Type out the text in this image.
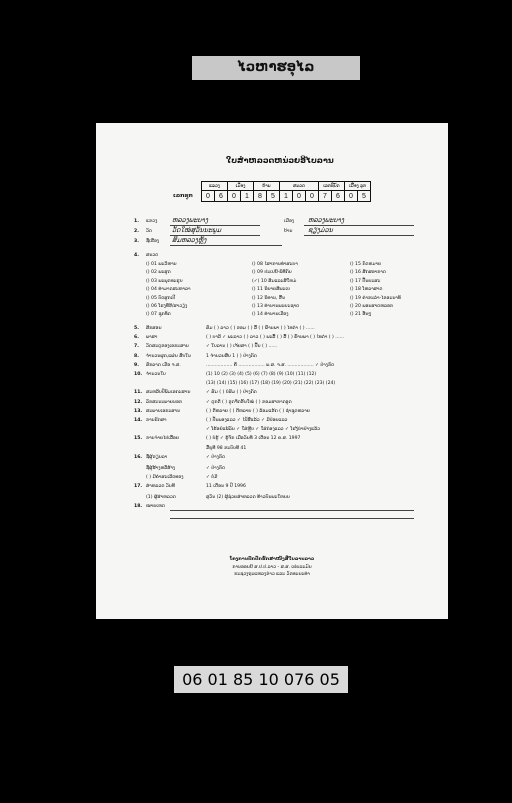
ໄວຫາຮອ‌ຸໄລ
ໃບສຳຫລວດຫນ່ວຍອີໄບລານ
ເລກຊຸກ
ແຂວງ		ເມືອງ		ບ້ານ		ສນວດ			ເລກທີບັດ		ເມື້ອງ ລຸກ	
0	6	0	1	8	5	1	0	0	7	6	0	5
1. ແຂວງ ຫລວງພະບາງ	ເມືອງ ຫລວງພະບາງ
2. ວັດ	ວັດໃໝ່ສຸວັນນະພູມ	ບ້ານ ຊຽງມ່ວນ
3. ຊື່ເຮືອງ ສິມຫລວງຫຼັງ
4. ສນວດ
() 01 ພະວິຫານ
() 02 ພະສູດ
() 03 ພະພຸດທະຮູບ
() 04 ທຳມາດສະຫາລາ
() 05 ບັດສູກເປີ
() 06 ໂຮງທີ່ຂີ/ສາວຽງ
() 07 ຊຸກທິດ
() 08 ໄສາການທຳສະບາ
() 09 ປະເປນີ-ພິທີກັນ
(✓) 10 ສິມແລະສີໃຫມ່
() 11 ນິຍາຍສີພະເບ
() 12 ນິທານ, ຂື້ນ
() 13 ທຳນານພະຍະຊາດ
() 14 ທຳນານເມືອງ
() 15 ກົດຫມາຍ
() 16 ສີກສອາກາດ
() 17 ປື້ນຍະສະ
() 18 ໂຫລາສາດ
() 19 ຄຳຂະລຳ-ໄຂອະນາທິ
() 20 ພອນສາດຫລອກ
() 21 ອື່ນໆ
5. ສິກສອນ	ສັມ ( ) ລາວ ( ) ຂອມ ( ) ລື້ ( ) ພົ້ານພາ ( ) ໄທດຳ ( ) ......
6. ພາສາ	( ) ບາລີ ✓ ພະລາວ ( ) ລາວ ( ) ພະລື້ ( ) ລື້ ( ) ພົ້ານພາ ( ) ໄທດຳ ( ) ......
7. ວັດສະດຸຂອງເອກະສານ	✓ ໃບລານ ( ) ເຈ້ຍສາ ( ) ປື້ນ ( ) ......
8. ຈຳນວນຜູກ,ແຜ່ນ ສືບໃນ	1 ຈຳນວນສືບ 1 ( ) ປ່າງກັດ
9. ສັກລາດ ເມື່ອ ຈ.ສ.	.................. ຄື .................. ພ.ສ. ຈ.ສ. .................. ✓ ປ່າງກັດ
10. ຈຳນວນໃບ	(1) 10 (2) (3) (4) (5) (6) (7) (8) (9) (10) (11) (12)
(13) (14) (15) (16) (17) (18) (19) (20) (21) (22) (23) (24)
11. ສະຫລີບປີພິມເອກະສານ	✓ ສັມ ( ) ບໍ່ສົມ ( ) ປ່າງກັດ
12. ລັກສະນະພາຍນອກ	✓ ດຸກດີ ( ) ຂູດຈີດຂົ້ນໃໝ່ ( ) ຂອມສາກາດອູດ
13. ສະພາບເອກະສານ	( ) ດີຫລາຍ ( ) ດີຫລາຍ ( ) ລ້ອມແຂ້ກ ( ) ຊຳຊຸດຫລາຍ
14. ການຮັກສາ	( ) ປັ້ນພອງແລວ ✓ ໄປ້ສື່ແລ້ວ ✓ ມີປ່ອຍແລວ
✓ ໂຮ້ອຍໍ່ແພ້ລັນ ✓ ໃສ່ຫຼີບ ✓ ໃສ່ກ່ອງແລວ ✓ ໂຮງ້ນໍາຢ່າງແລ້ວ
15. ການຈ່າຍໄປເລື້ອຍ	( ) ບໍ່ຮູ້ ✓ ຮູ້ຈັກ ເມື່ອວັນທີ 3 ເດືອນ 12 ຄ.ສ. 1997
ມື້ຍຸທີ 98 ຂະບັບທີ 41
16. ຊື່ຜູ້ຂຽນລາ	✓ ປ່າງກັດ
ຊື່ຜູ້ສ້າງຫລືສ້າງ	✓ ປ່າງກັດ
( ) ມີຄຳສະເລີດທອງ	✓ ບໍ່ມີ
17. ສຳຫລວດ ວັນທີ	11 ເດືອນ 9 ປີ 1996
(1) ຜູ້ສຳຫລວດ	ສຸວັນ (2) ຜູ້ຊ່ວຍສຳຫລວດ ທ້າວບັນພະໃຫນນ
18. ໝາຍເຫດ
ໂຄງການປົກປັກຮັກສາໜັງສືໃບລານລາວ
ການອອນນີ ສ.ປ.ປ.ລາວ - ສ.ສ. ເຢຍລະມັນ
ກະຊວງຖະແຫລງຂ່າວ ແລະ ວັດທະນະທຳ
06 01 85 10 076 05
